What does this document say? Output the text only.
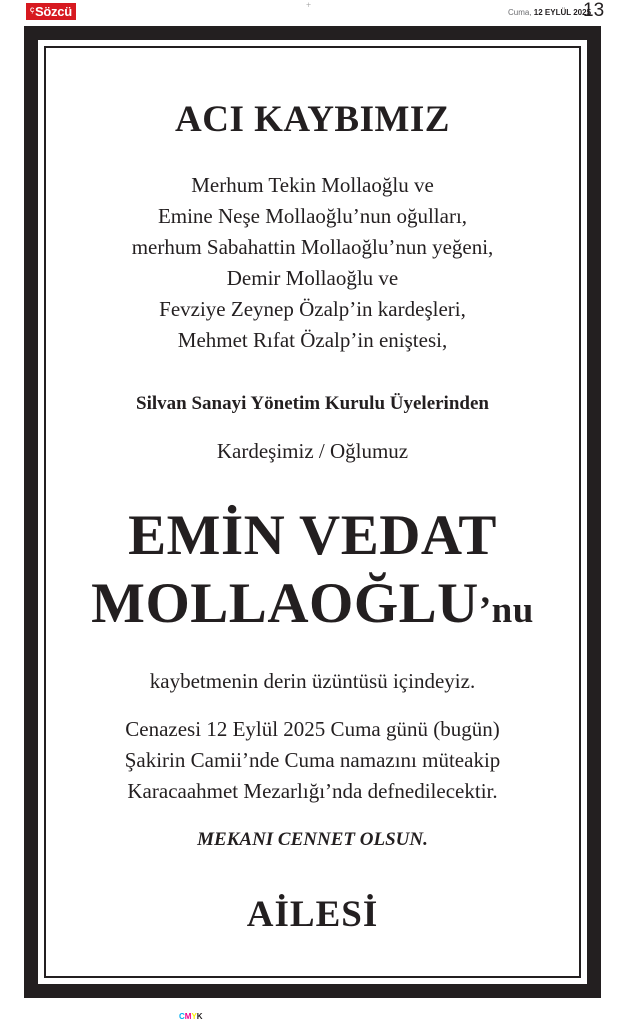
$^Ç$Sözcü	+
Cuma, 12 EYLÜL 2025
13
ACI KAYBIMIZ
Merhum Tekin Mollaoğlu ve
Emine Neşe Mollaoğlu’nun oğulları,
merhum Sabahattin Mollaoğlu’nun yeğeni,
Demir Mollaoğlu ve
Fevziye Zeynep Özalp’in kardeşleri,
Mehmet Rıfat Özalp’in eniştesi,
Silvan Sanayi Yönetim Kurulu Üyelerinden
Kardeşimiz / Oğlumuz
EMİN VEDAT
MOLLAOĞLU’nu
kaybetmenin derin üzüntüsü içindeyiz.
Cenazesi 12 Eylül 2025 Cuma günü (bugün)
Şakirin Camii’nde Cuma namazını müteakip
Karacaahmet Mezarlığı’nda defnedilecektir.
MEKANI CENNET OLSUN.
AİLESİ
CMYK
